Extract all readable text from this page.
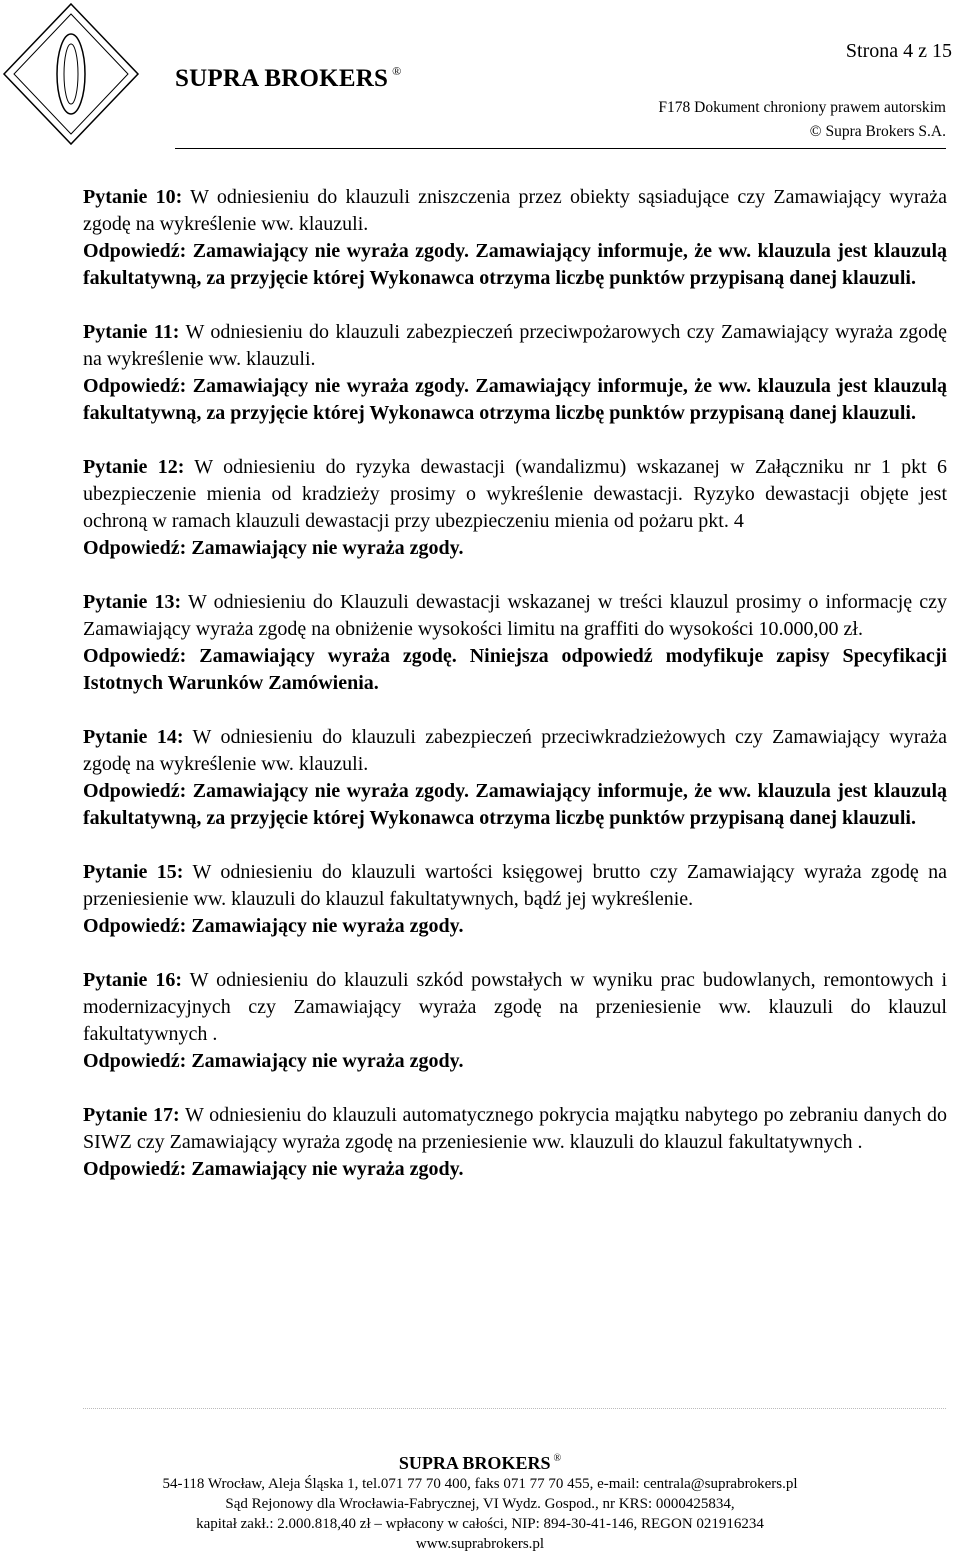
SUPRA BROKERS ®
Strona 4 z 15
F178 Dokument chroniony prawem autorskim
© Supra Brokers S.A.

Pytanie 10: W odniesieniu do klauzuli zniszczenia przez obiekty sąsiadujące czy Zamawiający wyraża zgodę na wykreślenie ww. klauzuli.

Odpowiedź: Zamawiający nie wyraża zgody. Zamawiający informuje, że ww. klauzula jest klauzulą fakultatywną, za przyjęcie której Wykonawca otrzyma liczbę punktów przypisaną danej klauzuli.

Pytanie 11: W odniesieniu do klauzuli zabezpieczeń przeciwpożarowych czy Zamawiający wyraża zgodę na wykreślenie ww. klauzuli.

Odpowiedź: Zamawiający nie wyraża zgody. Zamawiający informuje, że ww. klauzula jest klauzulą fakultatywną, za przyjęcie której Wykonawca otrzyma liczbę punktów przypisaną danej klauzuli.

Pytanie 12: W odniesieniu do ryzyka dewastacji (wandalizmu) wskazanej w Załączniku nr 1 pkt 6 ubezpieczenie mienia od kradzieży prosimy o wykreślenie dewastacji. Ryzyko dewastacji objęte jest ochroną w ramach klauzuli dewastacji przy ubezpieczeniu mienia od pożaru pkt. 4

Odpowiedź: Zamawiający nie wyraża zgody.

Pytanie 13: W odniesieniu do Klauzuli dewastacji wskazanej w treści klauzul prosimy o informację czy Zamawiający wyraża zgodę na obniżenie wysokości limitu na graffiti do wysokości 10.000,00 zł.

Odpowiedź: Zamawiający wyraża zgodę. Niniejsza odpowiedź modyfikuje zapisy Specyfikacji Istotnych Warunków Zamówienia.

Pytanie 14: W odniesieniu do klauzuli zabezpieczeń przeciwkradzieżowych czy Zamawiający wyraża zgodę na wykreślenie ww. klauzuli.

Odpowiedź: Zamawiający nie wyraża zgody. Zamawiający informuje, że ww. klauzula jest klauzulą fakultatywną, za przyjęcie której Wykonawca otrzyma liczbę punktów przypisaną danej klauzuli.

Pytanie 15: W odniesieniu do klauzuli wartości księgowej brutto czy Zamawiający wyraża zgodę na przeniesienie ww. klauzuli do klauzul fakultatywnych, bądź jej wykreślenie.

Odpowiedź: Zamawiający nie wyraża zgody.

Pytanie 16: W odniesieniu do klauzuli szkód powstałych w wyniku prac budowlanych, remontowych i modernizacyjnych czy Zamawiający wyraża zgodę na przeniesienie ww. klauzuli do klauzul fakultatywnych .

Odpowiedź: Zamawiający nie wyraża zgody.

Pytanie 17: W odniesieniu do klauzuli automatycznego pokrycia majątku nabytego po zebraniu danych do SIWZ czy Zamawiający wyraża zgodę na przeniesienie ww. klauzuli do klauzul fakultatywnych .

Odpowiedź: Zamawiający nie wyraża zgody.

SUPRA BROKERS ®
54-118 Wrocław, Aleja Śląska 1, tel.071 77 70 400, faks 071 77 70 455, e-mail: centrala@suprabrokers.pl
Sąd Rejonowy dla Wrocławia-Fabrycznej, VI Wydz. Gospod., nr KRS: 0000425834,
kapitał zakł.: 2.000.818,40 zł – wpłacony w całości, NIP: 894-30-41-146, REGON 021916234
www.suprabrokers.pl
